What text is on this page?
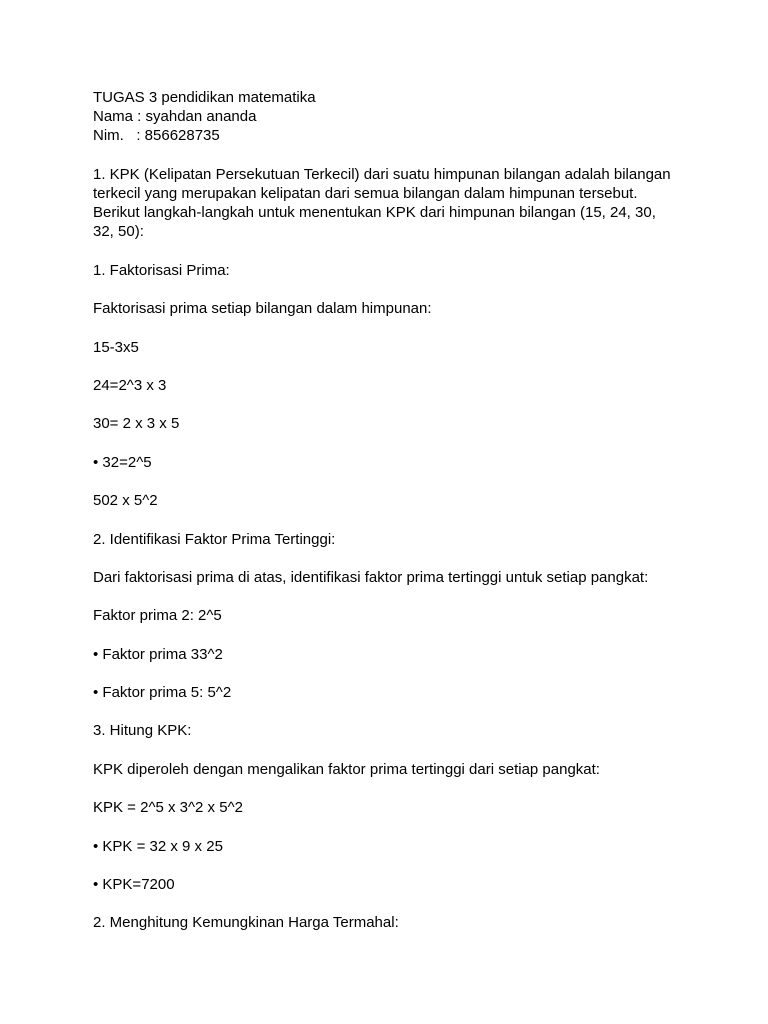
TUGAS 3 pendidikan matematika
Nama : syahdan ananda
Nim.   : 856628735
1. KPK (Kelipatan Persekutuan Terkecil) dari suatu himpunan bilangan adalah bilangan
terkecil yang merupakan kelipatan dari semua bilangan dalam himpunan tersebut.
Berikut langkah-langkah untuk menentukan KPK dari himpunan bilangan (15, 24, 30,
32, 50):
1. Faktorisasi Prima:
Faktorisasi prima setiap bilangan dalam himpunan:
15-3x5
24=2^3 x 3
30= 2 x 3 x 5
• 32=2^5
502 x 5^2
2. Identifikasi Faktor Prima Tertinggi:
Dari faktorisasi prima di atas, identifikasi faktor prima tertinggi untuk setiap pangkat:
Faktor prima 2: 2^5
• Faktor prima 33^2
• Faktor prima 5: 5^2
3. Hitung KPK:
KPK diperoleh dengan mengalikan faktor prima tertinggi dari setiap pangkat:
KPK = 2^5 x 3^2 x 5^2
• KPK = 32 x 9 x 25
• KPK=7200
2. Menghitung Kemungkinan Harga Termahal:
